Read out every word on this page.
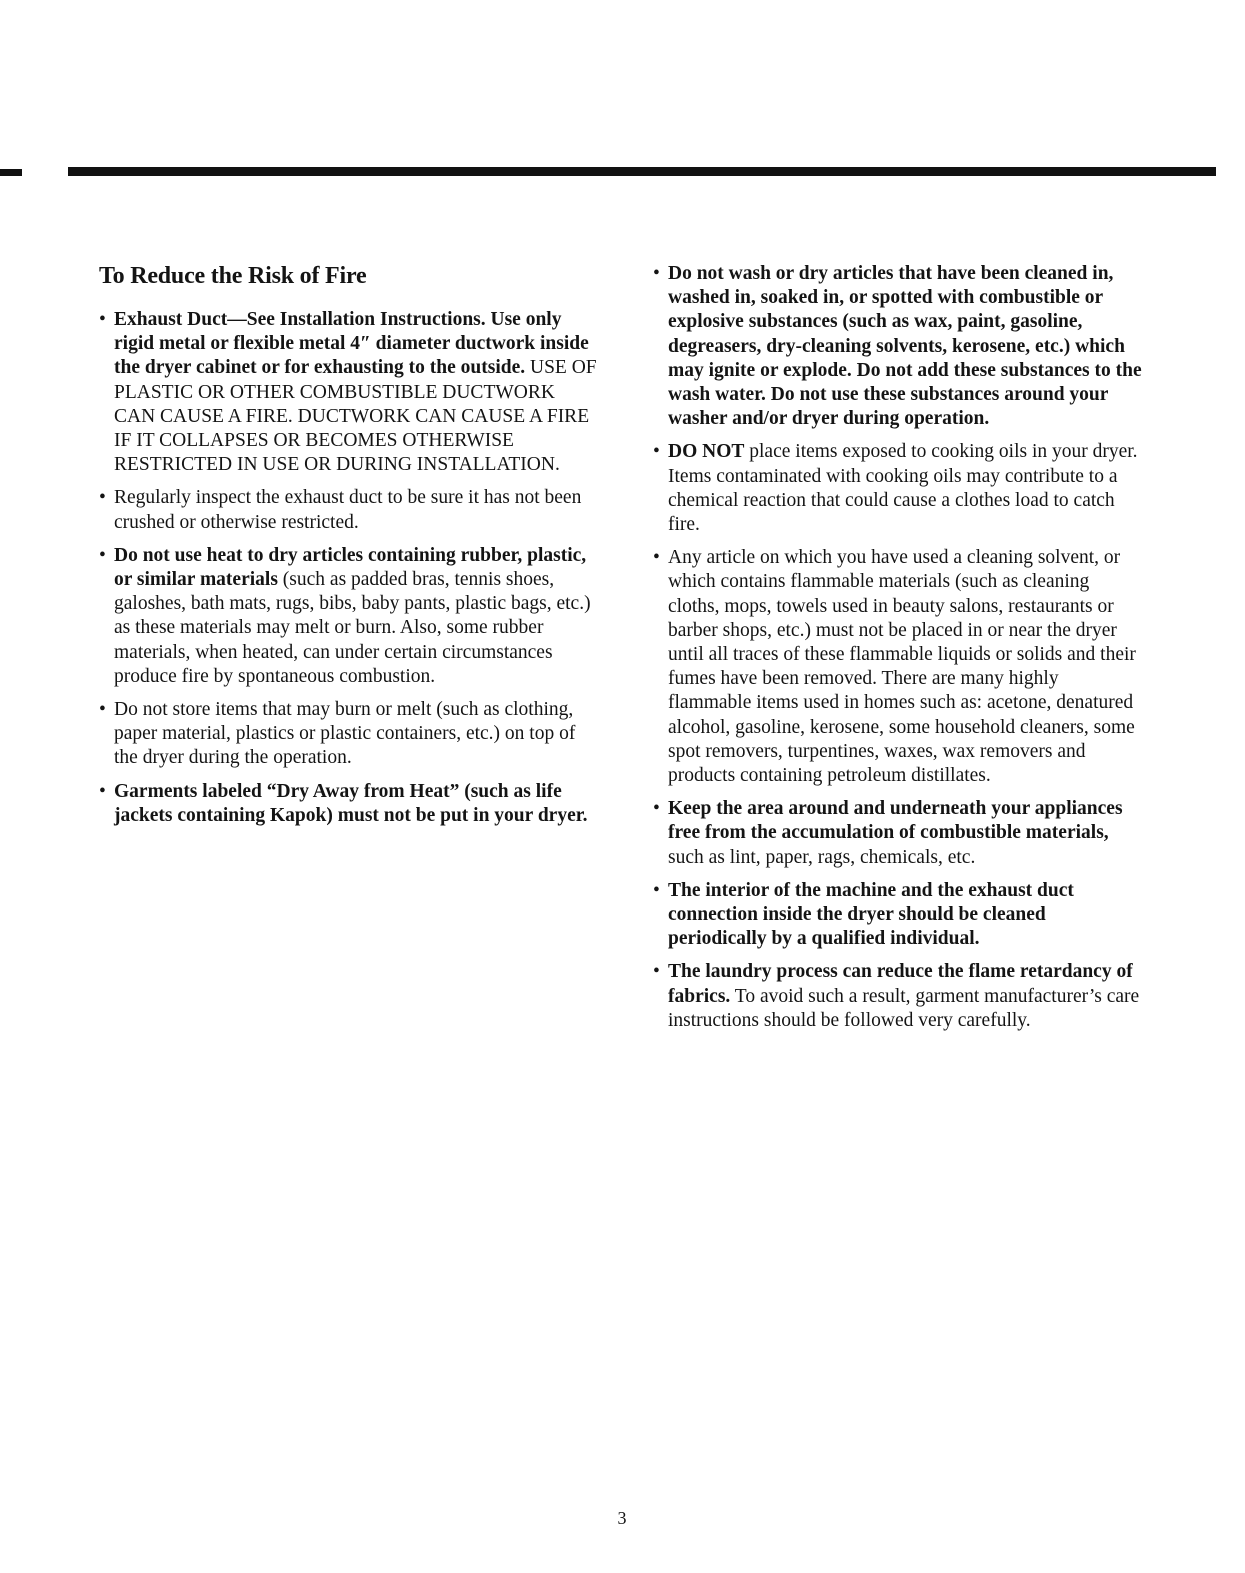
To Reduce the Risk of Fire
• Exhaust Duct—See Installation Instructions. Use only rigid metal or flexible metal 4″ diameter ductwork inside the dryer cabinet or for exhausting to the outside. USE OF PLASTIC OR OTHER COMBUSTIBLE DUCTWORK CAN CAUSE A FIRE. DUCTWORK CAN CAUSE A FIRE IF IT COLLAPSES OR BECOMES OTHERWISE RESTRICTED IN USE OR DURING INSTALLATION.
• Regularly inspect the exhaust duct to be sure it has not been crushed or otherwise restricted.
• Do not use heat to dry articles containing rubber, plastic, or similar materials (such as padded bras, tennis shoes, galoshes, bath mats, rugs, bibs, baby pants, plastic bags, etc.) as these materials may melt or burn. Also, some rubber materials, when heated, can under certain circumstances produce fire by spontaneous combustion.
• Do not store items that may burn or melt (such as clothing, paper material, plastics or plastic containers, etc.) on top of the dryer during the operation.
• Garments labeled “Dry Away from Heat” (such as life jackets containing Kapok) must not be put in your dryer.
• Do not wash or dry articles that have been cleaned in, washed in, soaked in, or spotted with combustible or explosive substances (such as wax, paint, gasoline, degreasers, dry-cleaning solvents, kerosene, etc.) which may ignite or explode. Do not add these substances to the wash water. Do not use these substances around your washer and/or dryer during operation.
• DO NOT place items exposed to cooking oils in your dryer. Items contaminated with cooking oils may contribute to a chemical reaction that could cause a clothes load to catch fire.
• Any article on which you have used a cleaning solvent, or which contains flammable materials (such as cleaning cloths, mops, towels used in beauty salons, restaurants or barber shops, etc.) must not be placed in or near the dryer until all traces of these flammable liquids or solids and their fumes have been removed. There are many highly flammable items used in homes such as: acetone, denatured alcohol, gasoline, kerosene, some household cleaners, some spot removers, turpentines, waxes, wax removers and products containing petroleum distillates.
• Keep the area around and underneath your appliances free from the accumulation of combustible materials, such as lint, paper, rags, chemicals, etc.
• The interior of the machine and the exhaust duct connection inside the dryer should be cleaned periodically by a qualified individual.
• The laundry process can reduce the flame retardancy of fabrics. To avoid such a result, garment manufacturer’s care instructions should be followed very carefully.
3
